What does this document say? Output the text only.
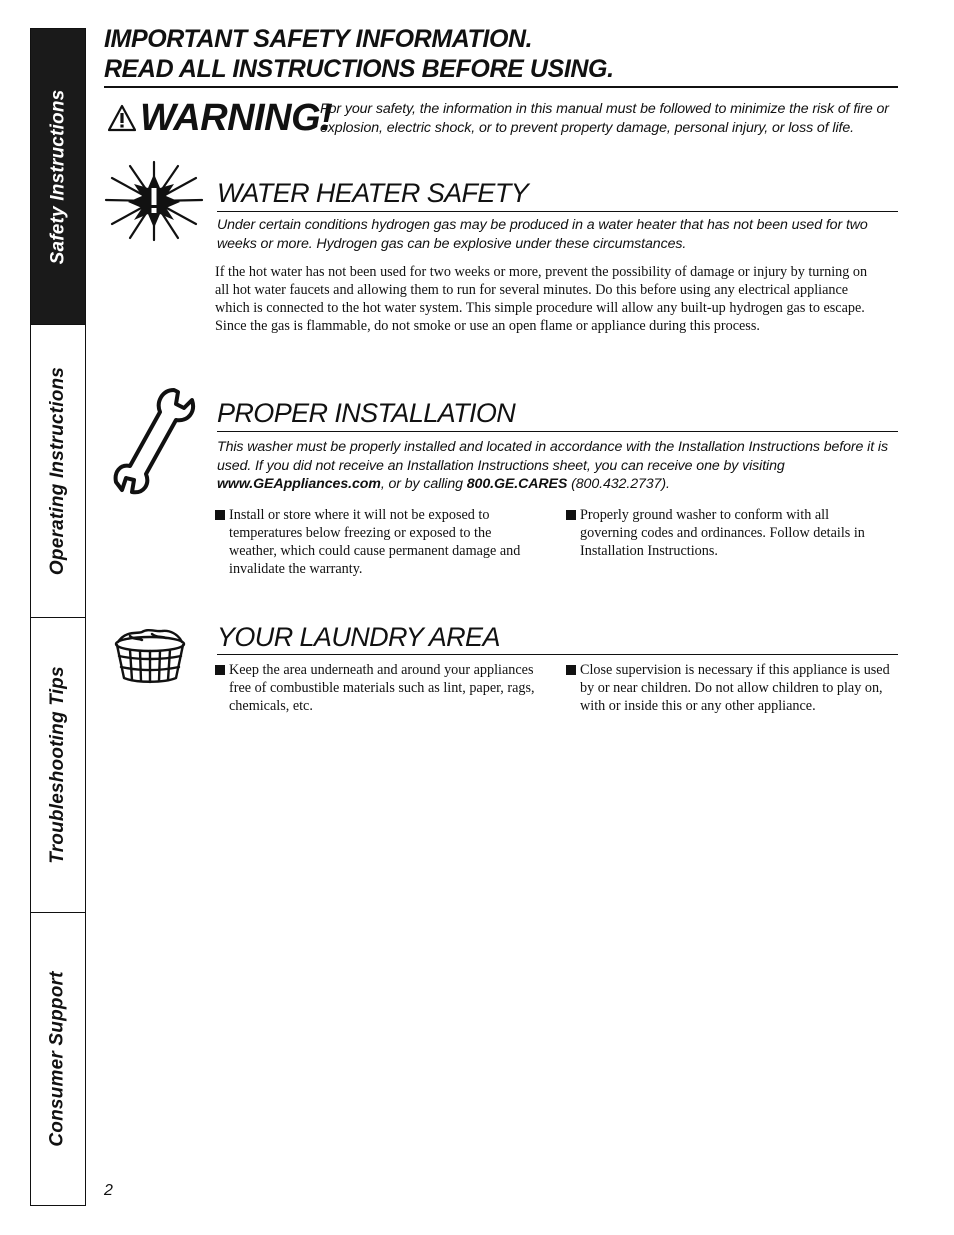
Safety Instructions
Operating Instructions
Troubleshooting Tips
Consumer Support
IMPORTANT SAFETY INFORMATION.
READ ALL INSTRUCTIONS BEFORE USING.
WARNING!
For your safety, the information in this manual must be followed to minimize the risk of fire or explosion, electric shock, or to prevent property damage, personal injury, or loss of life.
WATER HEATER SAFETY
Under certain conditions hydrogen gas may be produced in a water heater that has not been used for two weeks or more. Hydrogen gas can be explosive under these circumstances.
If the hot water has not been used for two weeks or more, prevent the possibility of damage or injury by turning on all hot water faucets and allowing them to run for several minutes. Do this before using any electrical appliance which is connected to the hot water system. This simple procedure will allow any built-up hydrogen gas to escape. Since the gas is flammable, do not smoke or use an open flame or appliance during this process.
PROPER INSTALLATION
This washer must be properly installed and located in accordance with the Installation Instructions before it is used. If you did not receive an Installation Instructions sheet, you can receive one by visiting www.GEAppliances.com, or by calling 800.GE.CARES (800.432.2737).
Install or store where it will not be exposed to temperatures below freezing or exposed to the weather, which could cause permanent damage and invalidate the warranty.
Properly ground washer to conform with all governing codes and ordinances. Follow details in Installation Instructions.
YOUR LAUNDRY AREA
Keep the area underneath and around your appliances free of combustible materials such as lint, paper, rags, chemicals, etc.
Close supervision is necessary if this appliance is used by or near children. Do not allow children to play on, with or inside this or any other appliance.
2
